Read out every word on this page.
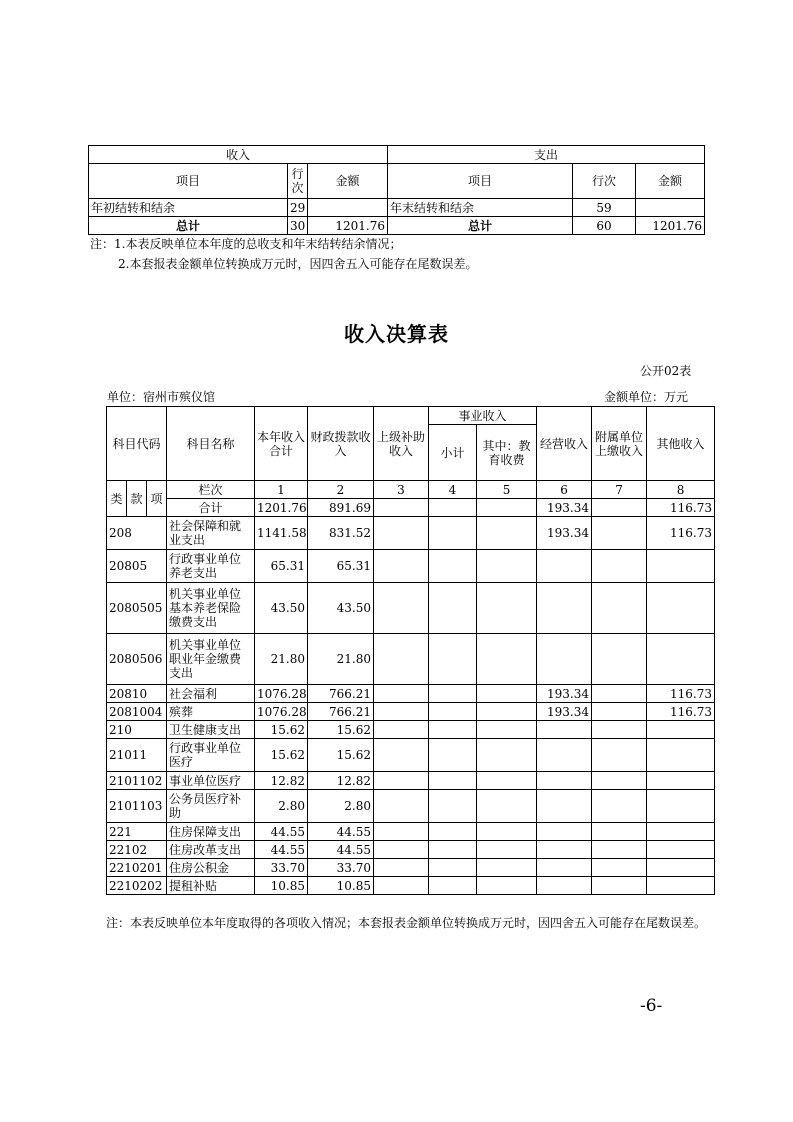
收入			支出		
项目	行次	金额	项目	行次	金额
年初结转和结余	29		年末结转和结余	59	
总计	30	1201.76	总计	60	1201.76
注：1.本表反映单位本年度的总收支和年末结转结余情况；
2.本套报表金额单位转换成万元时，因四舍五入可能存在尾数误差。
收入决算表
公开02表
单位：宿州市殡仪馆	金额单位：万元
科目代码			科目名称	本年收入合计	财政拨款收入	上级补助收入	事业收入		经营收入	附属单位上缴收入	其他收入
							小计	其中：教育收费			
类	款	项	栏次	1	2	3	4	5	6	7	8
			合计	1201.76	891.69				193.34		116.73
208			社会保障和就业支出	1141.58	831.52				193.34		116.73
20805			行政事业单位养老支出	65.31	65.31						
2080505			机关事业单位基本养老保险缴费支出	43.50	43.50						
2080506			机关事业单位职业年金缴费支出	21.80	21.80						
20810			社会福利	1076.28	766.21				193.34		116.73
2081004			殡葬	1076.28	766.21				193.34		116.73
210			卫生健康支出	15.62	15.62						
21011			行政事业单位医疗	15.62	15.62						
2101102			事业单位医疗	12.82	12.82						
2101103			公务员医疗补助	2.80	2.80						
221			住房保障支出	44.55	44.55						
22102			住房改革支出	44.55	44.55						
2210201			住房公积金	33.70	33.70						
2210202			提租补贴	10.85	10.85						
注：本表反映单位本年度取得的各项收入情况；本套报表金额单位转换成万元时，因四舍五入可能存在尾数误差。
-6-
